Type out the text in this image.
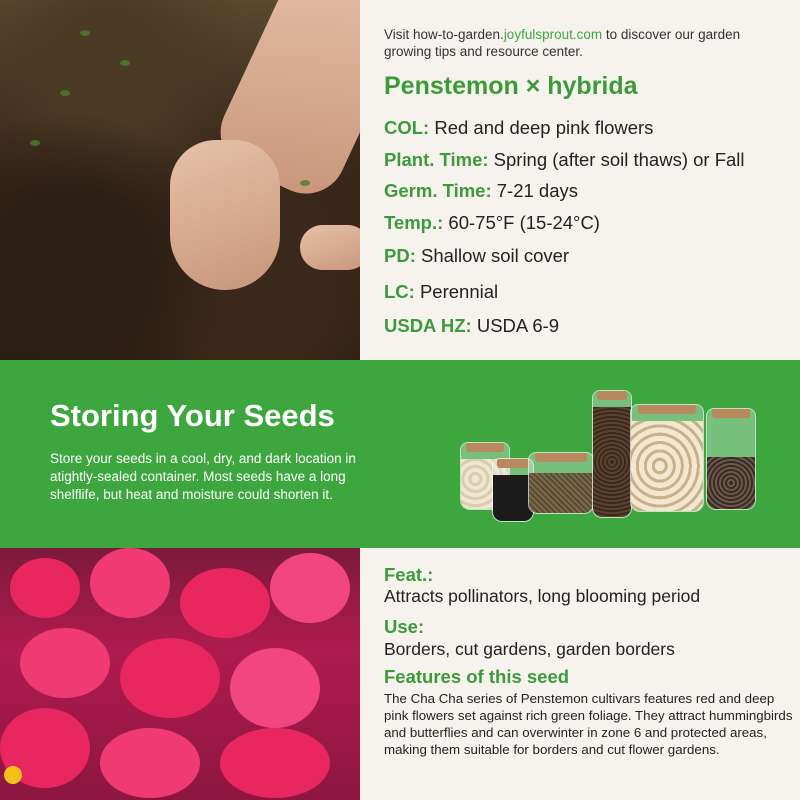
Visit how-to-garden.joyfulsprout.com to discover our garden growing tips and resource center.
Penstemon × hybrida
COL: Red and deep pink flowers
Plant. Time: Spring (after soil thaws) or Fall
Germ. Time: 7-21 days
Temp.: 60-75°F (15-24°C)
PD: Shallow soil cover
LC: Perennial
USDA HZ: USDA 6-9
Storing Your Seeds
Store your seeds in a cool, dry, and dark location in atightly-sealed container. Most seeds have a long shelflife, but heat and moisture could shorten it.
Feat.:
Attracts pollinators, long blooming period
Use:
Borders, cut gardens, garden borders
Features of this seed
The Cha Cha series of Penstemon cultivars features red and deep pink flowers set against rich green foliage. They attract hummingbirds and butterflies and can overwinter in zone 6 and protected areas, making them suitable for borders and cut flower gardens.
